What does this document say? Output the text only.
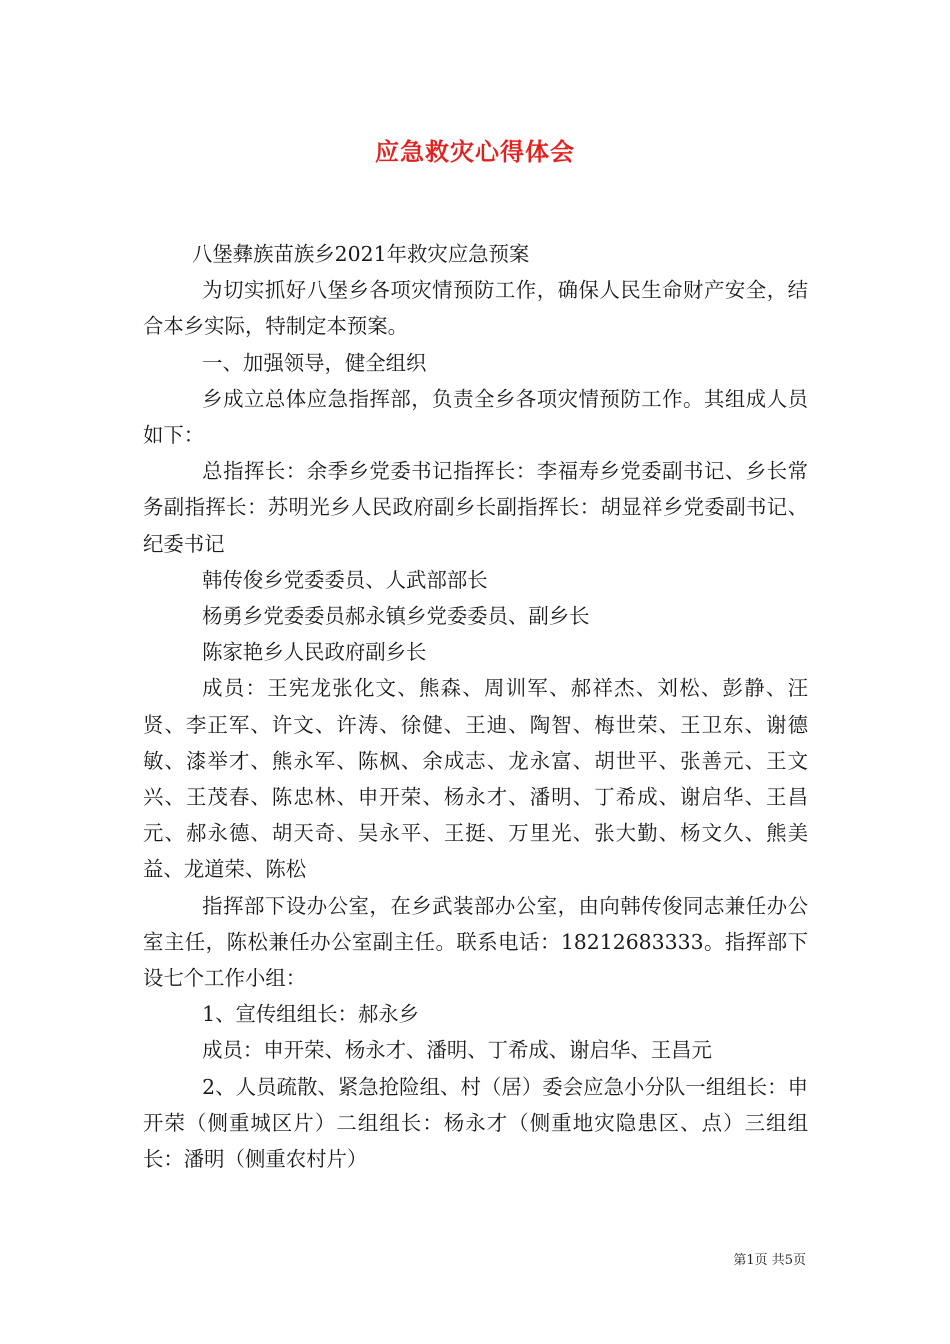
应急救灾心得体会

八堡彝族苗族乡2021年救灾应急预案

为切实抓好八堡乡各项灾情预防工作，确保人民生命财产安全，结合本乡实际，特制定本预案。

一、加强领导，健全组织

乡成立总体应急指挥部，负责全乡各项灾情预防工作。其组成人员如下：

总指挥长：余季乡党委书记指挥长：李福寿乡党委副书记、乡长常务副指挥长：苏明光乡人民政府副乡长副指挥长：胡显祥乡党委副书记、纪委书记

韩传俊乡党委委员、人武部部长

杨勇乡党委委员郝永镇乡党委委员、副乡长

陈家艳乡人民政府副乡长

成员：王宪龙张化文、熊森、周训军、郝祥杰、刘松、彭静、汪贤、李正军、许文、许涛、徐健、王迪、陶智、梅世荣、王卫东、谢德敏、漆举才、熊永军、陈枫、余成志、龙永富、胡世平、张善元、王文兴、王茂春、陈忠林、申开荣、杨永才、潘明、丁希成、谢启华、王昌元、郝永德、胡天奇、吴永平、王挺、万里光、张大勤、杨文久、熊美益、龙道荣、陈松

指挥部下设办公室，在乡武装部办公室，由向韩传俊同志兼任办公室主任，陈松兼任办公室副主任。联系电话：18212683333。指挥部下设七个工作小组：

1、宣传组组长：郝永乡

成员：申开荣、杨永才、潘明、丁希成、谢启华、王昌元

2、人员疏散、紧急抢险组、村（居）委会应急小分队一组组长：申开荣（侧重城区片）二组组长：杨永才（侧重地灾隐患区、点）三组组长：潘明（侧重农村片）

第1页 共5页
